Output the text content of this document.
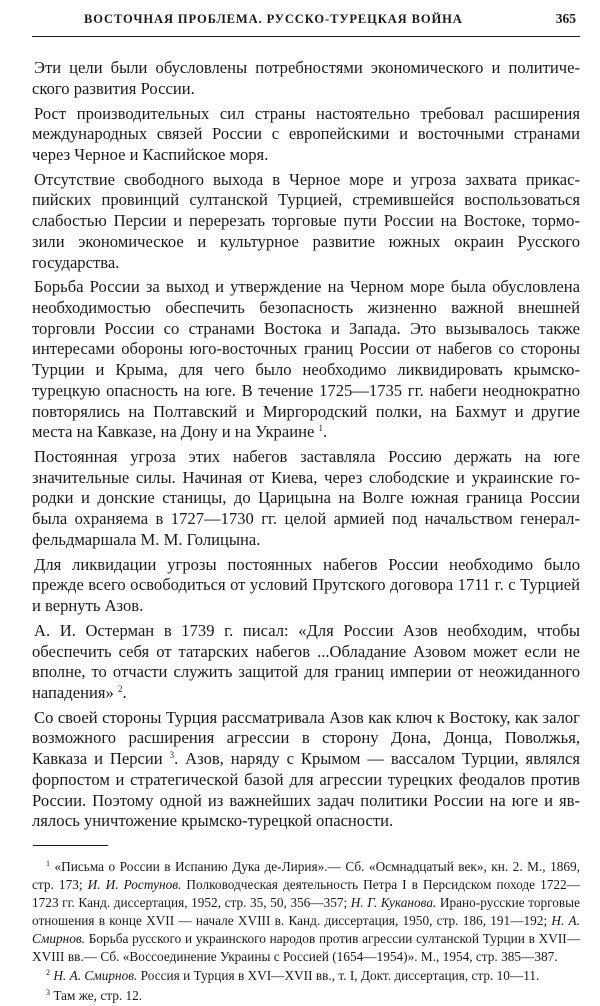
ВОСТОЧНАЯ ПРОБЛЕМА. РУССКО-ТУРЕЦКАЯ ВОЙНА	365

Эти цели были обусловлены потребностями экономического и политического развития России.

Рост производительных сил страны настоятельно требовал расширения международных связей России с европейскими и восточными странами через Черное и Каспийское моря.

Отсутствие свободного выхода в Черное море и угроза захвата прикаспийских провинций султанской Турцией, стремившейся воспользоваться слабостью Персии и перерезать торговые пути России на Востоке, тормозили экономическое и культурное развитие южных окраин Русского государства.

Борьба России за выход и утверждение на Черном море была обусловлена необходимостью обеспечить безопасность жизненно важной внешней торговли России со странами Востока и Запада. Это вызывалось также интересами обороны юго-восточных границ России от набегов со стороны Турции и Крыма, для чего было необходимо ликвидировать крымско-турецкую опасность на юге. В течение 1725—1735 гг. набеги неоднократно повторялись на Полтавский и Миргородский полки, на Бахмут и другие места на Кавказе, на Дону и на Украине $^1$.

Постоянная угроза этих набегов заставляла Россию держать на юге значительные силы. Начиная от Киева, через слободские и украинские городки и донские станицы, до Царицына на Волге южная граница России была охраняема в 1727—1730 гг. целой армией под начальством генерал-фельдмаршала М. М. Голицына.

Для ликвидации угрозы постоянных набегов России необходимо было прежде всего освободиться от условий Прутского договора 1711 г. с Турцией и вернуть Азов.

А. И. Остерман в 1739 г. писал: «Для России Азов необходим, чтобы обеспечить себя от татарских набегов ...Обладание Азовом может если не вполне, то отчасти служить защитой для границ империи от неожиданного нападения» $^2$.

Со своей стороны Турция рассматривала Азов как ключ к Востоку, как залог возможного расширения агрессии в сторону Дона, Донца, Поволжья, Кавказа и Персии $^3$. Азов, наряду с Крымом — вассалом Турции, являлся форпостом и стратегической базой для агрессии турецких феодалов против России. Поэтому одной из важнейших задач политики России на юге и являлось уничтожение крымско-турецкой опасности.

$^1$ «Письма о России в Испанию Дука де-Лирия».— Сб. «Осмнадцатый век», кн. 2. М., 1869, стр. 173; И. И. Ростунов. Полководческая деятельность Петра I в Персидском походе 1722—1723 гг. Канд. диссертация, 1952, стр. 35, 50, 356—357; Н. Г. Куканова. Ирано-русские торговые отношения в конце XVII — начале XVIII в. Канд. диссертация, 1950, стр. 186, 191—192; Н. А. Смирнов. Борьба русского и украинского народов против агрессии султанской Турции в XVII—XVIII вв.— Сб. «Воссоединение Украины с Россией (1654—1954)». М., 1954, стр. 385—387.

$^2$ Н. А. Смирнов. Россия и Турция в XVI—XVII вв., т. I, Докт. диссертация, стр. 10—11.

$^3$ Там же, стр. 12.
